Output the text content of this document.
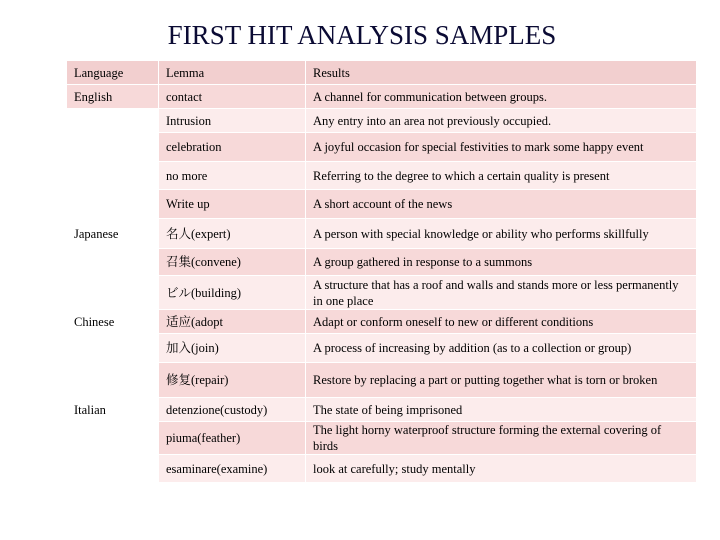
FIRST HIT ANALYSIS SAMPLES
Language	Lemma	Results
English	contact	A channel for communication between groups.
	Intrusion	Any entry into an area not previously occupied.
	celebration	A joyful occasion for special festivities to mark some happy event
	no more	Referring to the degree to which a certain quality is present
	Write up	A short account of the news
Japanese	名人(expert)	A person with special knowledge or ability who performs skillfully
	召集(convene)	A group gathered in response to a summons
	ビル(building)	A structure that has a roof and walls and stands more or less permanently in one place
Chinese	适应(adopt	Adapt or conform oneself to new or different conditions
	加入(join)	A process of increasing by addition (as to a collection or group)
	修复(repair)	Restore by replacing a part or putting together what is torn or broken
Italian	detenzione(custody)	The state of being imprisoned
	piuma(feather)	The light horny waterproof structure forming the external covering of birds
	esaminare(examine)	look at carefully; study mentally
